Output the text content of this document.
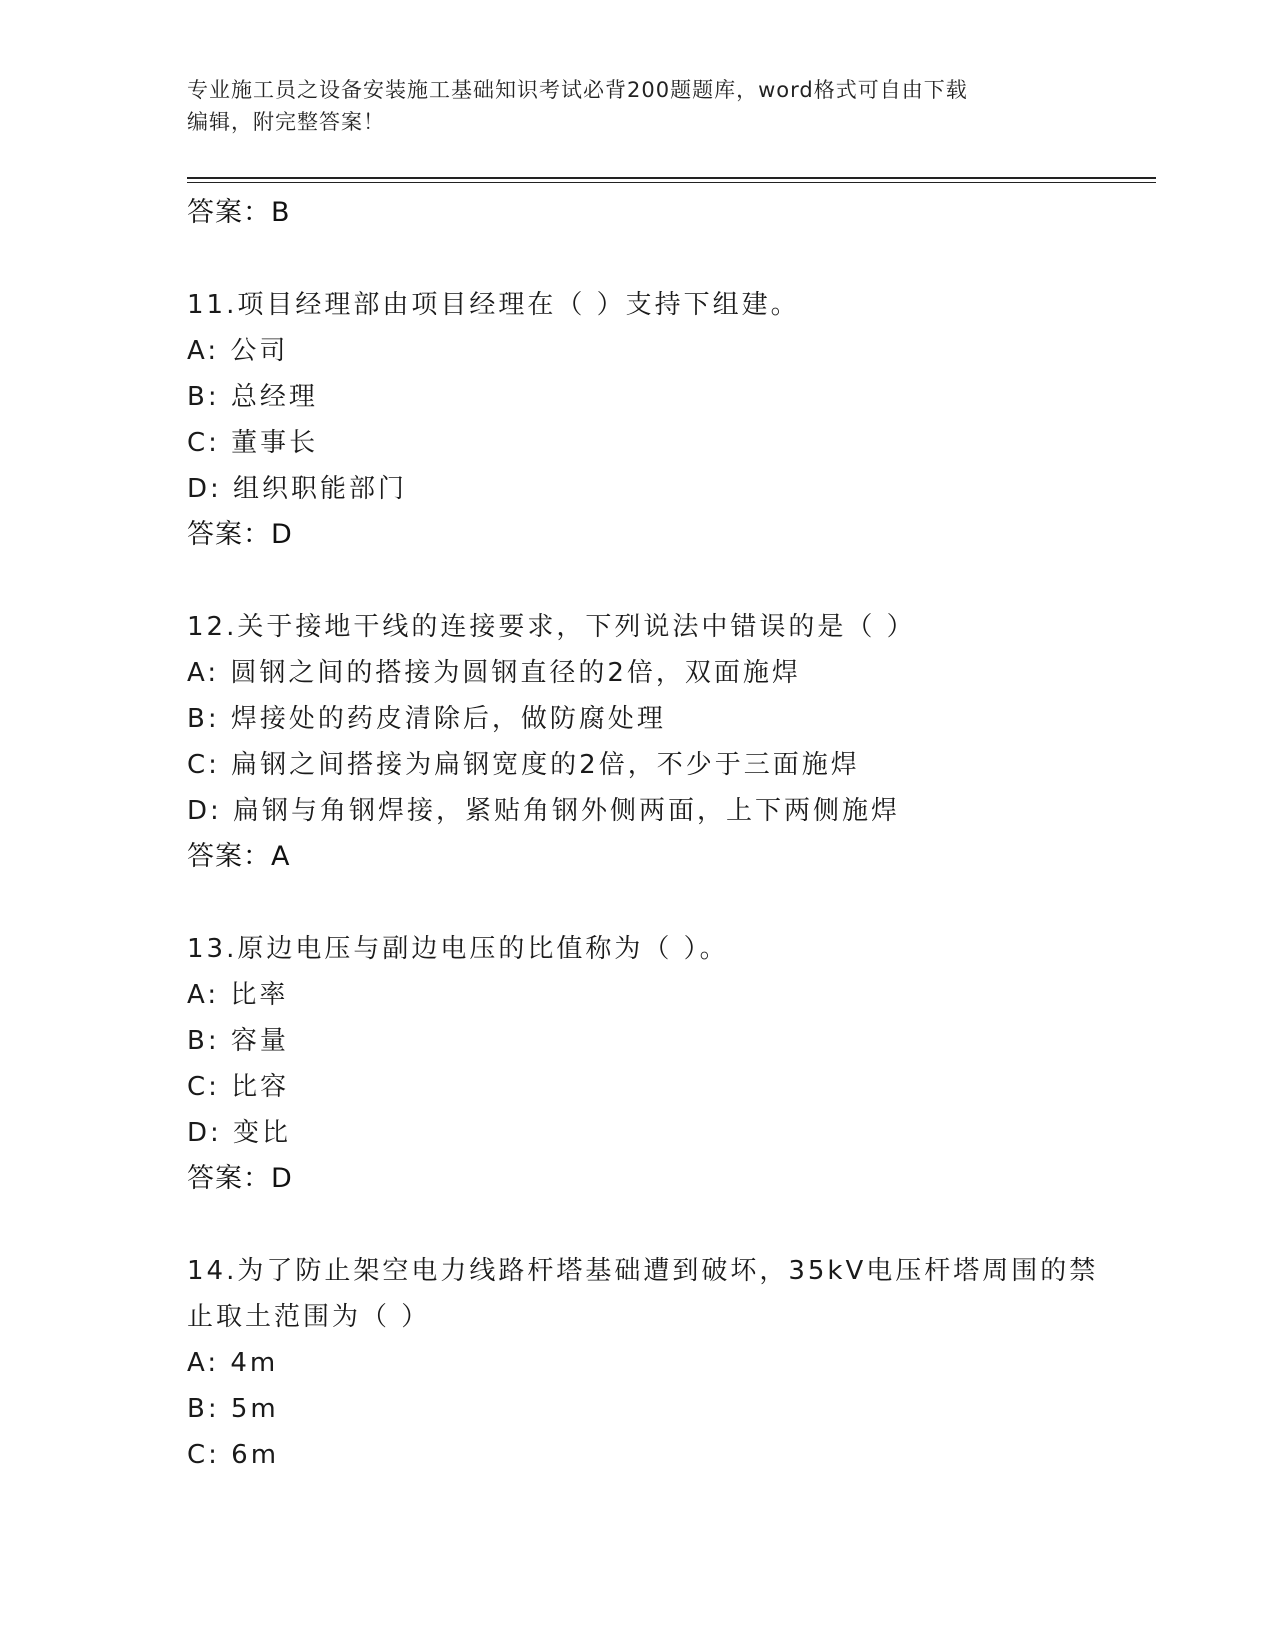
专业施工员之设备安装施工基础知识考试必背200题题库，word格式可自由下载
编辑，附完整答案！
答案：B
11.项目经理部由项目经理在（ ）支持下组建。
A: 公司
B: 总经理
C: 董事长
D: 组织职能部门
答案：D
12.关于接地干线的连接要求，下列说法中错误的是（ ）
A: 圆钢之间的搭接为圆钢直径的2倍，双面施焊
B: 焊接处的药皮清除后，做防腐处理
C: 扁钢之间搭接为扁钢宽度的2倍，不少于三面施焊
D: 扁钢与角钢焊接，紧贴角钢外侧两面，上下两侧施焊
答案：A
13.原边电压与副边电压的比值称为（ ）。
A: 比率
B: 容量
C: 比容
D: 变比
答案：D
14.为了防止架空电力线路杆塔基础遭到破坏，35kV电压杆塔周围的禁
止取土范围为（ ）
A: 4m
B: 5m
C: 6m
